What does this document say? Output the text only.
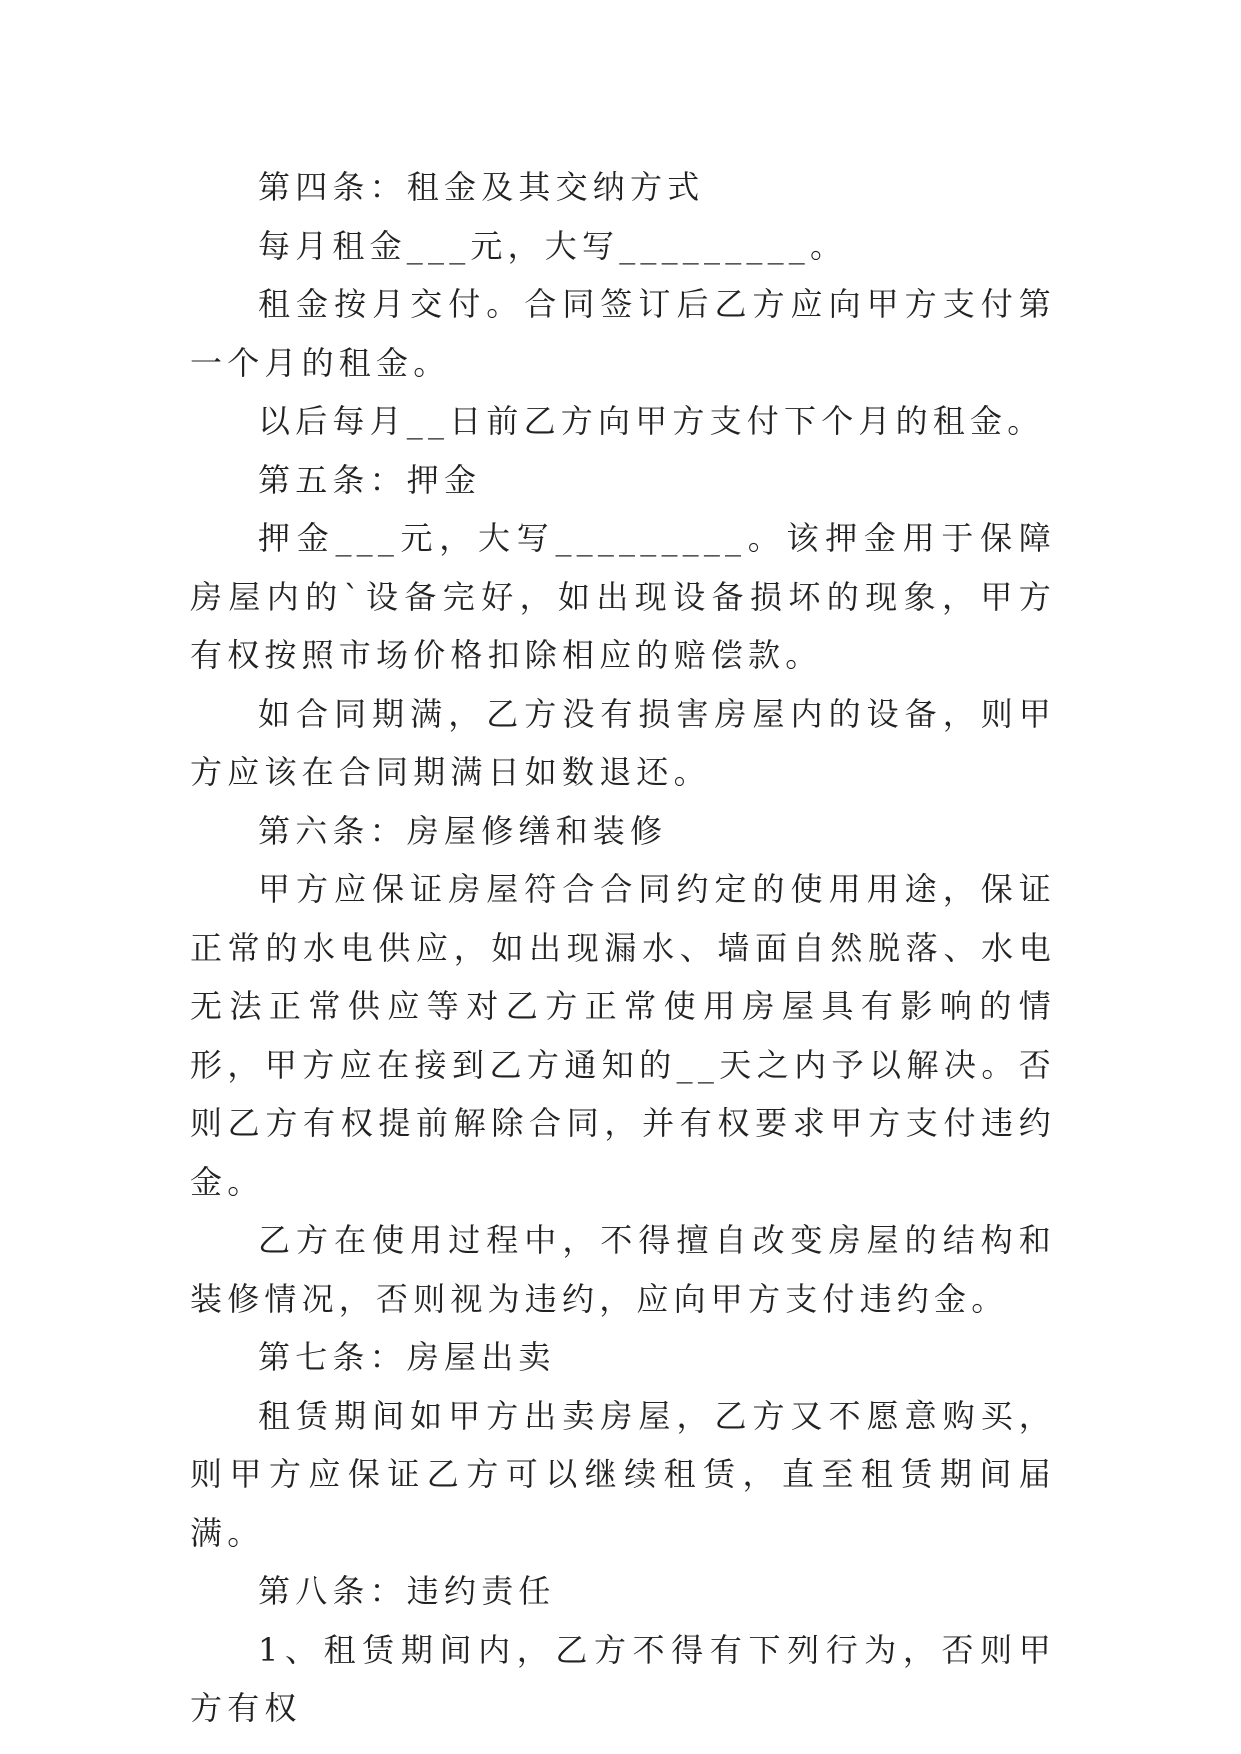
第四条：租金及其交纳方式

每月租金___元，大写_________。

租金按月交付。合同签订后乙方应向甲方支付第一个月的租金。

以后每月__日前乙方向甲方支付下个月的租金。

第五条：押金

押金___元，大写_________。该押金用于保障房屋内的`设备完好，如出现设备损坏的现象，甲方有权按照市场价格扣除相应的赔偿款。

如合同期满，乙方没有损害房屋内的设备，则甲方应该在合同期满日如数退还。

第六条：房屋修缮和装修

甲方应保证房屋符合合同约定的使用用途，保证正常的水电供应，如出现漏水、墙面自然脱落、水电无法正常供应等对乙方正常使用房屋具有影响的情形，甲方应在接到乙方通知的__天之内予以解决。否则乙方有权提前解除合同，并有权要求甲方支付违约金。

乙方在使用过程中，不得擅自改变房屋的结构和装修情况，否则视为违约，应向甲方支付违约金。

第七条：房屋出卖

租赁期间如甲方出卖房屋，乙方又不愿意购买，则甲方应保证乙方可以继续租赁，直至租赁期间届满。

第八条：违约责任

1、租赁期间内，乙方不得有下列行为，否则甲方有权
